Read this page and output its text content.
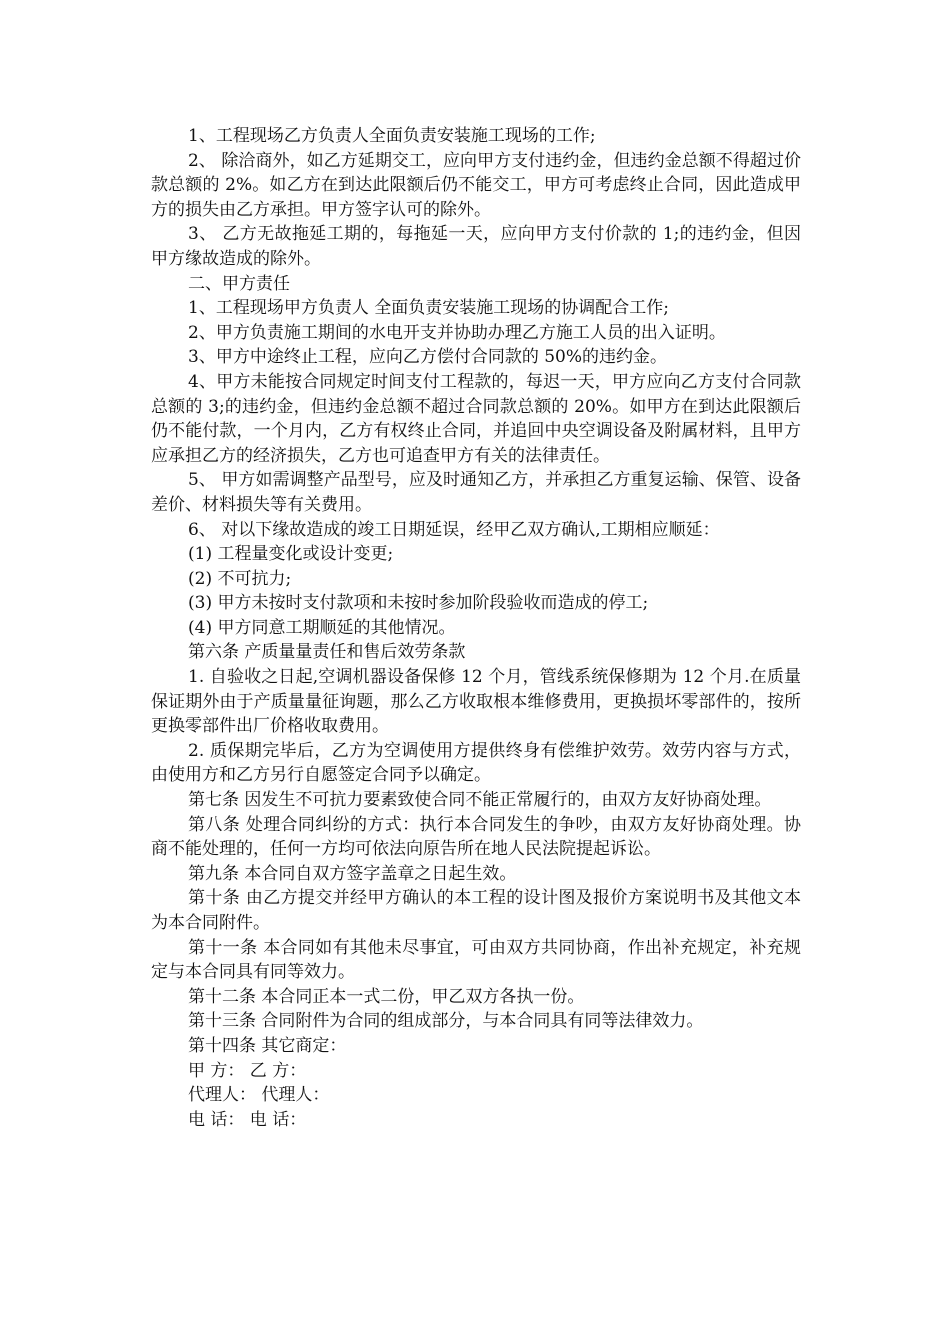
1、工程现场乙方负责人全面负责安装施工现场的工作;

2、 除洽商外，如乙方延期交工，应向甲方支付违约金，但违约金总额不得超过价款总额的 2%。如乙方在到达此限额后仍不能交工，甲方可考虑终止合同，因此造成甲方的损失由乙方承担。甲方签字认可的除外。

3、 乙方无故拖延工期的，每拖延一天，应向甲方支付价款的 1;的违约金，但因甲方缘故造成的除外。

二、甲方责任

1、工程现场甲方负责人 全面负责安装施工现场的协调配合工作;

2、甲方负责施工期间的水电开支并协助办理乙方施工人员的出入证明。

3、甲方中途终止工程，应向乙方偿付合同款的 50%的违约金。

4、甲方未能按合同规定时间支付工程款的，每迟一天，甲方应向乙方支付合同款总额的 3;的违约金，但违约金总额不超过合同款总额的 20%。如甲方在到达此限额后仍不能付款，一个月内，乙方有权终止合同，并追回中央空调设备及附属材料，且甲方应承担乙方的经济损失，乙方也可追查甲方有关的法律责任。

5、 甲方如需调整产品型号，应及时通知乙方，并承担乙方重复运输、保管、设备差价、材料损失等有关费用。

6、 对以下缘故造成的竣工日期延误，经甲乙双方确认,工期相应顺延：

(1) 工程量变化或设计变更;

(2) 不可抗力;

(3) 甲方未按时支付款项和未按时参加阶段验收而造成的停工;

(4) 甲方同意工期顺延的其他情况。

第六条 产质量量责任和售后效劳条款

1. 自验收之日起,空调机器设备保修 12 个月，管线系统保修期为 12 个月.在质量保证期外由于产质量量征询题，那么乙方收取根本维修费用，更换损坏零部件的，按所更换零部件出厂价格收取费用。

2. 质保期完毕后，乙方为空调使用方提供终身有偿维护效劳。效劳内容与方式，由使用方和乙方另行自愿签定合同予以确定。

第七条 因发生不可抗力要素致使合同不能正常履行的，由双方友好协商处理。

第八条 处理合同纠纷的方式：执行本合同发生的争吵，由双方友好协商处理。协商不能处理的，任何一方均可依法向原告所在地人民法院提起诉讼。

第九条 本合同自双方签字盖章之日起生效。

第十条 由乙方提交并经甲方确认的本工程的设计图及报价方案说明书及其他文本为本合同附件。

第十一条 本合同如有其他未尽事宜，可由双方共同协商，作出补充规定，补充规定与本合同具有同等效力。

第十二条 本合同正本一式二份，甲乙双方各执一份。

第十三条 合同附件为合同的组成部分，与本合同具有同等法律效力。

第十四条 其它商定：

甲 方： 乙 方：

代理人： 代理人：

电 话： 电 话：
